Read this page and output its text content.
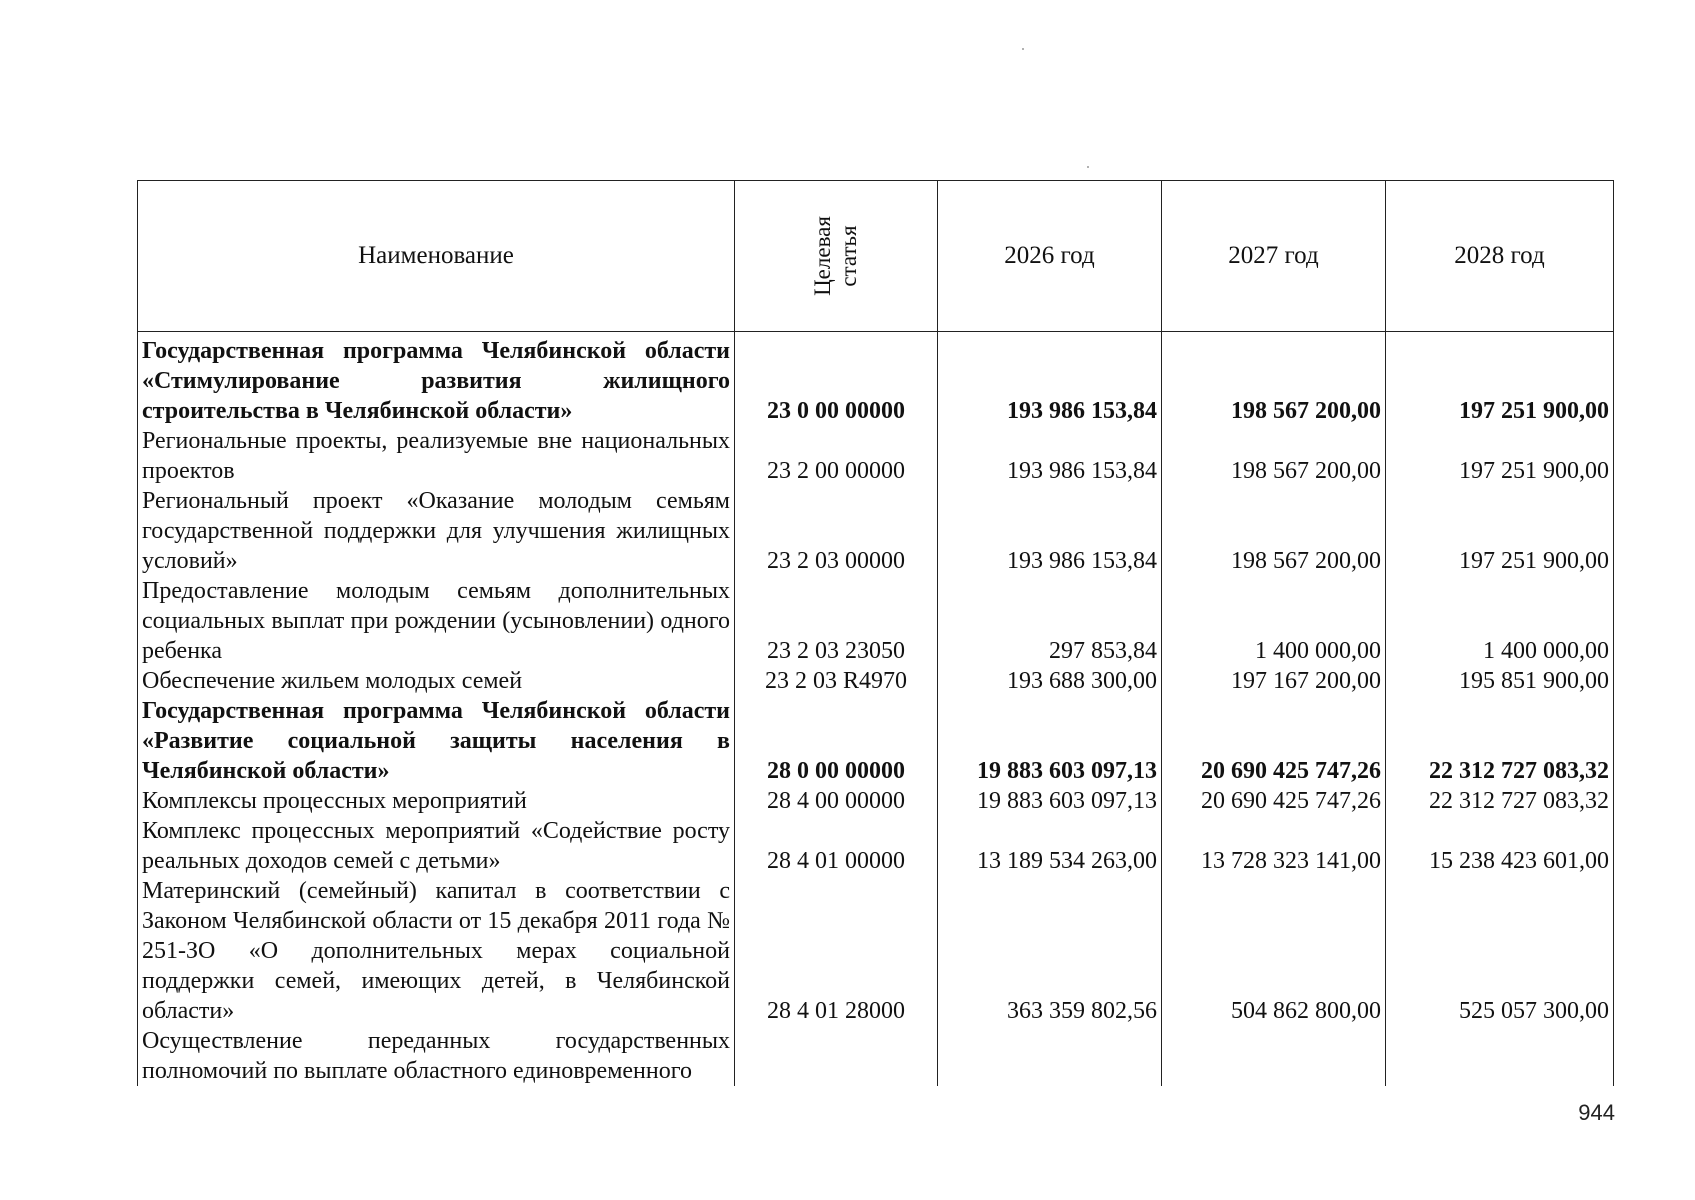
Наименование	Целевая статья	2026 год	2027 год	2028 год
Государственная программа Челябинской области «Стимулирование развития жилищного строительства в Челябинской области»	23 0 00 00000	193 986 153,84	198 567 200,00	197 251 900,00
Региональные проекты, реализуемые вне национальных проектов	23 2 00 00000	193 986 153,84	198 567 200,00	197 251 900,00
Региональный проект «Оказание молодым семьям государственной поддержки для улучшения жилищных условий»	23 2 03 00000	193 986 153,84	198 567 200,00	197 251 900,00
Предоставление молодым семьям дополнительных социальных выплат при рождении (усыновлении) одного ребенка	23 2 03 23050	297 853,84	1 400 000,00	1 400 000,00
Обеспечение жильем молодых семей	23 2 03 R4970	193 688 300,00	197 167 200,00	195 851 900,00
Государственная программа Челябинской области «Развитие социальной защиты населения в Челябинской области»	28 0 00 00000	19 883 603 097,13	20 690 425 747,26	22 312 727 083,32
Комплексы процессных мероприятий	28 4 00 00000	19 883 603 097,13	20 690 425 747,26	22 312 727 083,32
Комплекс процессных мероприятий «Содействие росту реальных доходов семей с детьми»	28 4 01 00000	13 189 534 263,00	13 728 323 141,00	15 238 423 601,00
Материнский (семейный) капитал в соответствии с Законом Челябинской области от 15 декабря 2011 года № 251-ЗО «О дополнительных мерах социальной поддержки семей, имеющих детей, в Челябинской области»	28 4 01 28000	363 359 802,56	504 862 800,00	525 057 300,00
Осуществление переданных государственных полномочий по выплате областного единовременного				
944
